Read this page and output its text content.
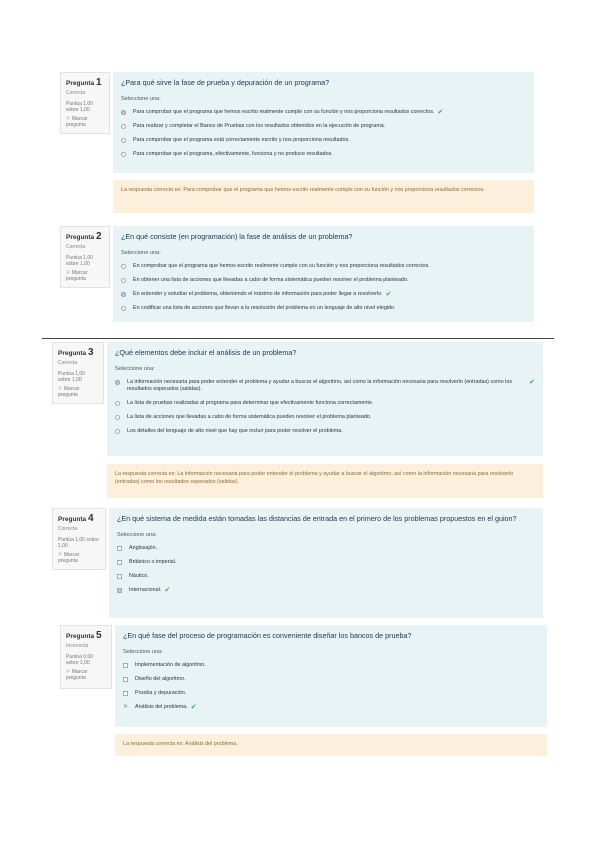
Pregunta 1
Correcta
Puntúa 1,00 sobre 1,00
⚐ Marcar pregunta
¿Para qué sirve la fase de prueba y depuración de un programa?
Seleccione una:
Para comprobar que el programa que hemos escrito realmente cumple con su función y nos proporciona resultados correctos. ✔
Para realizar y completar el Banco de Pruebas con los resultados obtenidos en la ejecución de programa.
Para comprobar que el programa está correctamente escrito y nos proporciona resultados.
Para comprobar que el programa, efectivamente, funciona y no produce resultados.
La respuesta correcta es: Para comprobar que el programa que hemos escrito realmente cumple con su función y nos proporciona resultados correctos.
Pregunta 2
Correcta
Puntúa 1,00 sobre 1,00
⚐ Marcar pregunta
¿En qué consiste (en programación) la fase de análisis de un problema?
Seleccione una:
En comprobar que el programa que hemos escrito realmente cumple con su función y nos proporciona resultados correctos.
En obtener una lista de acciones que llevadas a cabo de forma sistemática pueden resolver el problema planteado.
En entender y estudiar el problema, obteniendo el máximo de información para poder llegar a resolverlo. ✔
En codificar una lista de acciones que llevan a la resolución del problema en un lenguaje de alto nivel elegido.
Pregunta 3
Correcta
Puntúa 1,00 sobre 1,00
⚐ Marcar pregunta
¿Qué elementos debe incluir el análisis de un problema?
Seleccione una:
La información necesaria para poder entender el problema y ayudar a buscar el algoritmo, así como la información necesaria para resolverlo (entradas) como los resultados esperados (salidas).
✔
La lista de pruebas realizadas al programa para determinar que efectivamente funciona correctamente.
La lista de acciones que llevadas a cabo de forma sistemática pueden resolver el problema planteado.
Los detalles del lenguaje de alto nivel que hay que incluir para poder resolver el problema.
La respuesta correcta es: La información necesaria para poder entender el problema y ayudar a buscar el algoritmo, así como la información necesaria para resolverlo (entradas) como los resultados esperados (salidas).
Pregunta 4
Correcta
Puntúa 1,00 sobre 1,00
⚐ Marcar pregunta
¿En qué sistema de medida están tomadas las distancias de entrada en el primero de los problemas propuestos en el guion?
Seleccione una:
Anglosajón.
Británico o imperial.
Náutico.
Internacional. ✔
Pregunta 5
Incorrecta
Puntúa 0,00 sobre 1,00
⚐ Marcar pregunta
¿En qué fase del proceso de programación es conveniente diseñar los bancos de prueba?
Seleccione una:
Implementación de algoritmo.
Diseño del algoritmo.
Prueba y depuración.
✕ Análisis del problema. ✔
La respuesta correcta es: Análisis del problema.
